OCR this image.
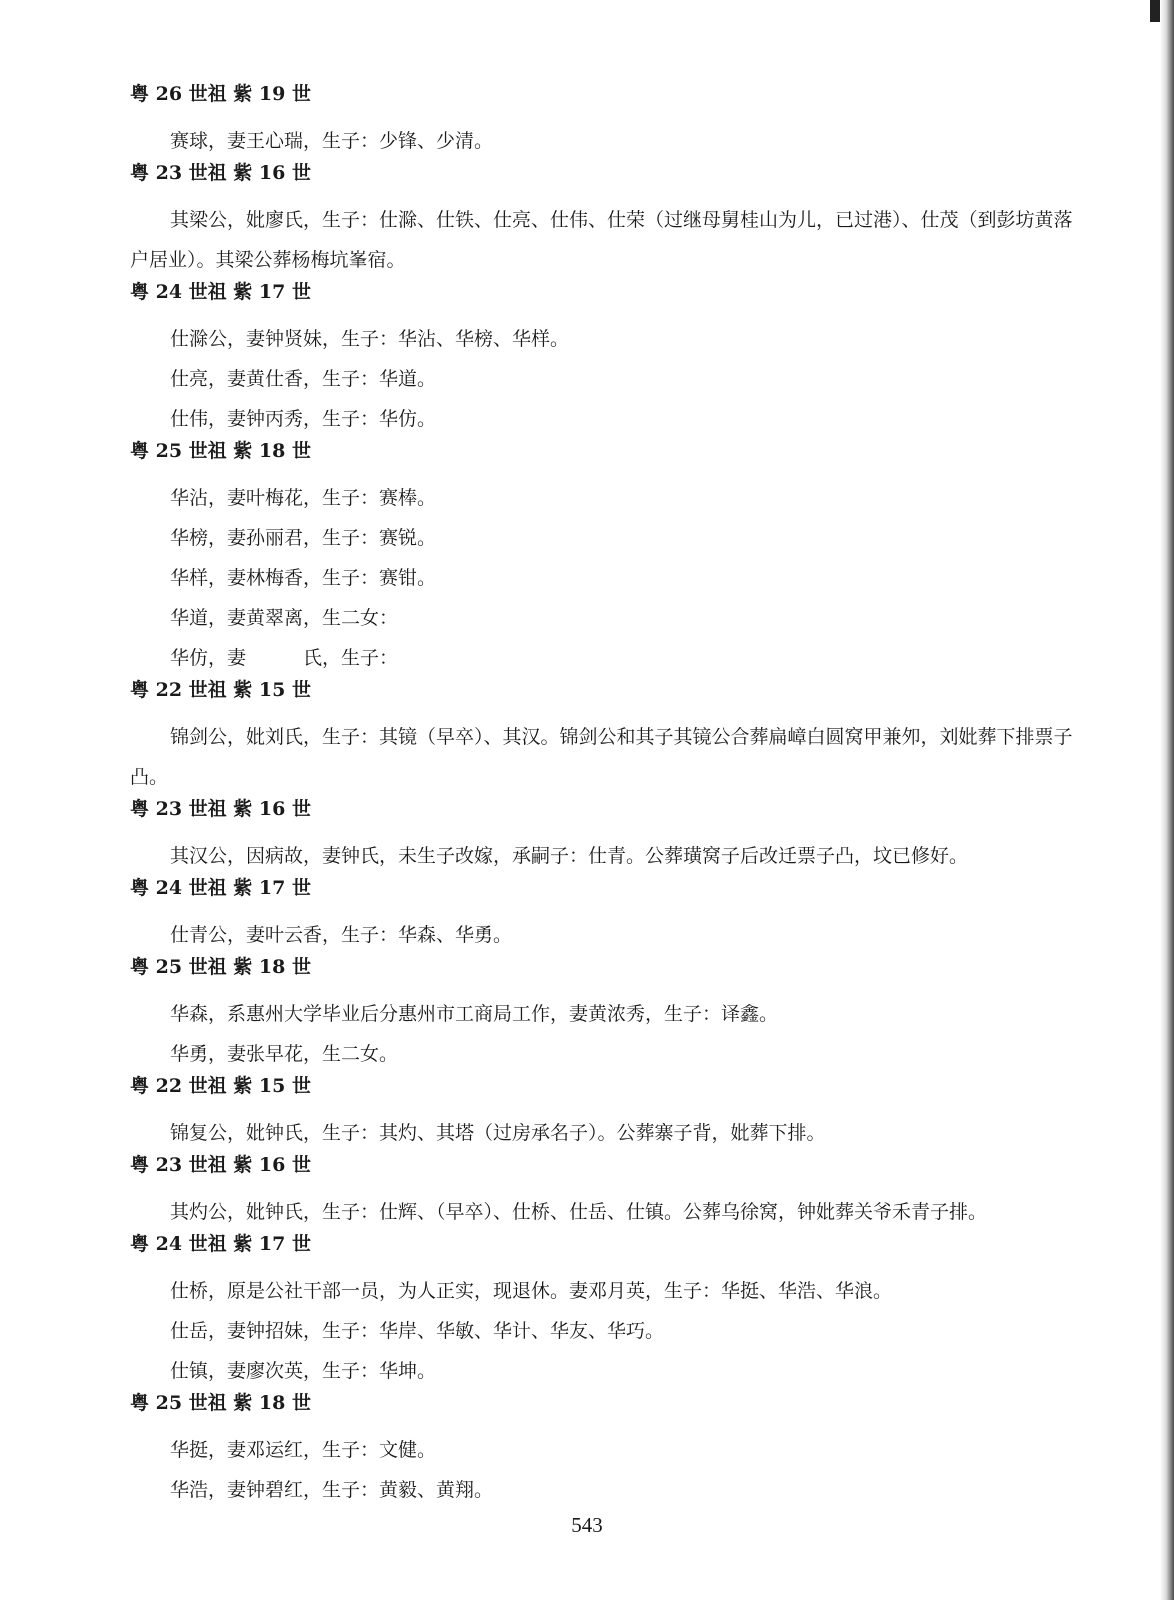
粤 26 世祖 紫 19 世
赛球，妻王心瑞，生子：少锋、少清。
粤 23 世祖 紫 16 世
其梁公，妣廖氏，生子：仕滁、仕铁、仕亮、仕伟、仕荣（过继母舅桂山为儿，已过港）、仕茂（到彭坊黄落户居业）。其梁公葬杨梅坑峯宿。
粤 24 世祖 紫 17 世
仕滁公，妻钟贤妹，生子：华沾、华榜、华样。
仕亮，妻黄仕香，生子：华道。
仕伟，妻钟丙秀，生子：华仿。
粤 25 世祖 紫 18 世
华沾，妻叶梅花，生子：赛棒。
华榜，妻孙丽君，生子：赛锐。
华样，妻林梅香，生子：赛钳。
华道，妻黄翠离，生二女：
华仿，妻　　　氏，生子：
粤 22 世祖 紫 15 世
锦剑公，妣刘氏，生子：其镜（早卒）、其汉。锦剑公和其子其镜公合葬扁嶂白圆窝甲兼夘，刘妣葬下排票子凸。
粤 23 世祖 紫 16 世
其汉公，因病故，妻钟氏，未生子改嫁，承嗣子：仕青。公葬璜窝子后改迁票子凸，坟已修好。
粤 24 世祖 紫 17 世
仕青公，妻叶云香，生子：华森、华勇。
粤 25 世祖 紫 18 世
华森，系惠州大学毕业后分惠州市工商局工作，妻黄浓秀，生子：译鑫。
华勇，妻张早花，生二女。
粤 22 世祖 紫 15 世
锦复公，妣钟氏，生子：其灼、其塔（过房承名子）。公葬寨子背，妣葬下排。
粤 23 世祖 紫 16 世
其灼公，妣钟氏，生子：仕辉、（早卒）、仕桥、仕岳、仕镇。公葬乌徐窝，钟妣葬关爷禾青子排。
粤 24 世祖 紫 17 世
仕桥，原是公社干部一员，为人正实，现退休。妻邓月英，生子：华挺、华浩、华浪。
仕岳，妻钟招妹，生子：华岸、华敏、华计、华友、华巧。
仕镇，妻廖次英，生子：华坤。
粤 25 世祖 紫 18 世
华挺，妻邓运红，生子：文健。
华浩，妻钟碧红，生子：黄毅、黄翔。
543
